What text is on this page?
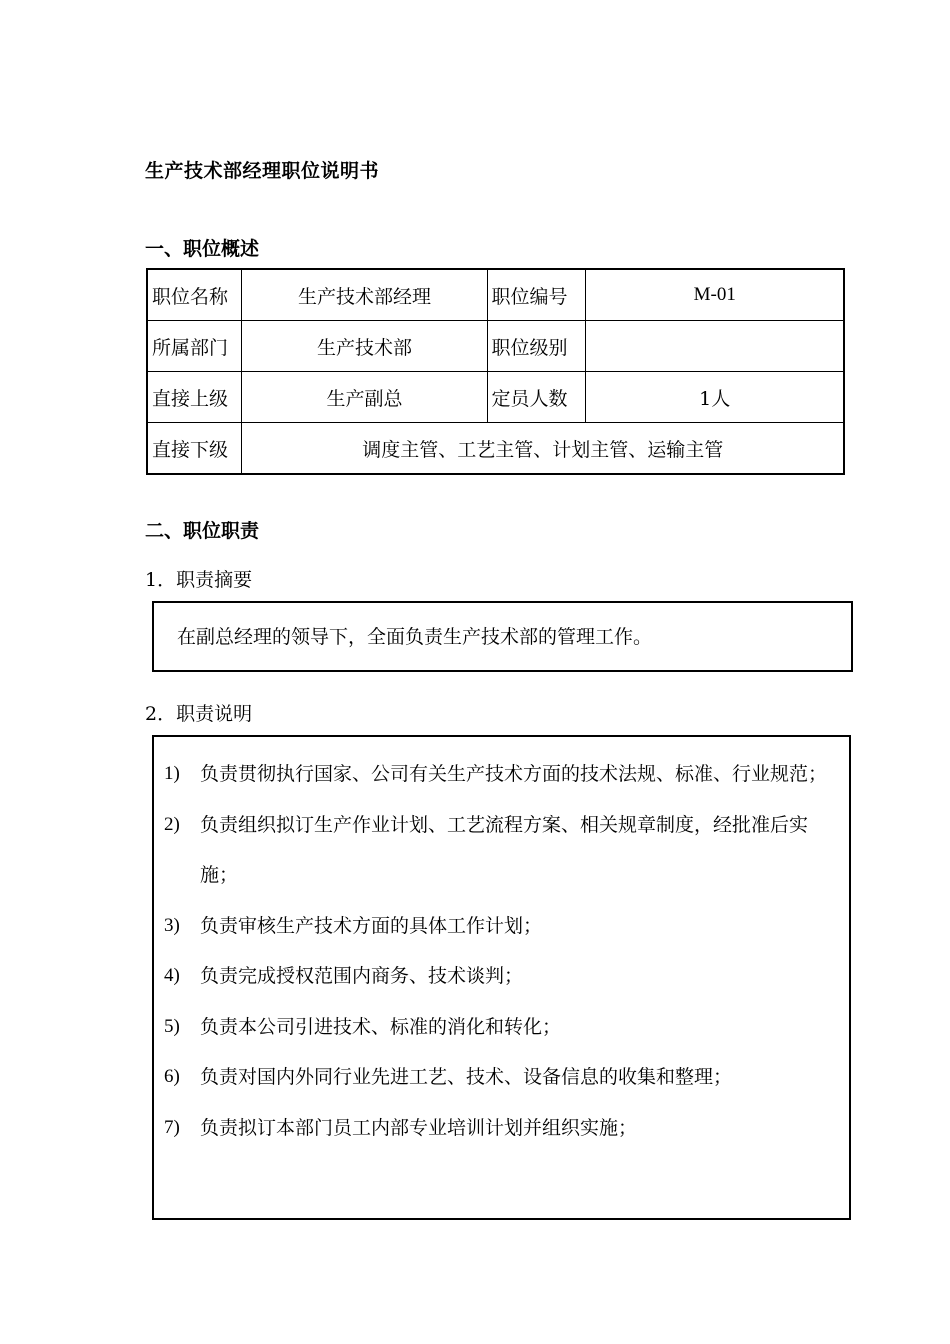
生产技术部经理职位说明书
一、职位概述
职位名称	生产技术部经理	职位编号	M-01
所属部门	生产技术部	职位级别	
直接上级	生产副总	定员人数	1人
直接下级	调度主管、工艺主管、计划主管、运输主管		
二、职位职责
1．职责摘要
在副总经理的领导下，全面负责生产技术部的管理工作。
2．职责说明
1)	负责贯彻执行国家、公司有关生产技术方面的技术法规、标准、行业规范；
2)	负责组织拟订生产作业计划、工艺流程方案、相关规章制度，经批准后实施；
3)	负责审核生产技术方面的具体工作计划；
4)	负责完成授权范围内商务、技术谈判；
5)	负责本公司引进技术、标准的消化和转化；
6)	负责对国内外同行业先进工艺、技术、设备信息的收集和整理；
7)	负责拟订本部门员工内部专业培训计划并组织实施；
